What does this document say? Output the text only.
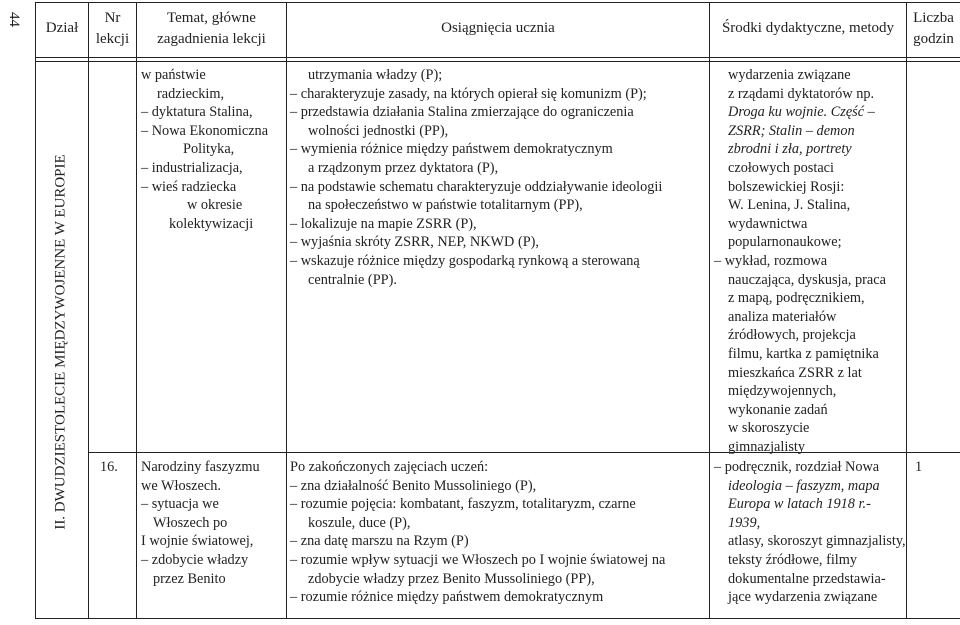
44
Dział
Nr
lekcji
Temat, główne
zagadnienia lekcji
Osiągnięcia ucznia	Środki dydaktyczne, metody
Liczba
godzin
II. DWUDZIESTOLECIE MIĘDZYWOJENNE W EUROPIE
w państwie
radzieckim,
– dyktatura Stalina,
– Nowa Ekonomiczna
Polityka,
– industrializacja,
– wieś radziecka
w okresie
kolektywizacji
utrzymania władzy (P);
– charakteryzuje zasady, na których opierał się komunizm (P);
– przedstawia działania Stalina zmierzające do ograniczenia
wolności jednostki (PP),
– wymienia różnice między państwem demokratycznym
a rządzonym przez dyktatora (P),
– na podstawie schematu charakteryzuje oddziaływanie ideologii
na społeczeństwo w państwie totalitarnym (PP),
– lokalizuje na mapie ZSRR (P),
– wyjaśnia skróty ZSRR, NEP, NKWD (P),
– wskazuje różnice między gospodarką rynkową a sterowaną
centralnie (PP).
wydarzenia związane
z rządami dyktatorów np.
Droga ku wojnie. Część –
ZSRR; Stalin – demon
zbrodni i zła, portrety
czołowych postaci
bolszewickiej Rosji:
W. Lenina, J. Stalina,
wydawnictwa
popularnonaukowe;
– wykład, rozmowa
nauczająca, dyskusja, praca
z mapą, podręcznikiem,
analiza materiałów
źródłowych, projekcja
filmu, kartka z pamiętnika
mieszkańca ZSRR z lat
międzywojennych,
wykonanie zadań
w skoroszycie
gimnazjalisty
16.	Narodziny faszyzmu
we Włoszech.
– sytuacja we
Włoszech po
I wojnie światowej,
– zdobycie władzy
przez Benito
Po zakończonych zajęciach uczeń:
– zna działalność Benito Mussoliniego (P),
– rozumie pojęcia: kombatant, faszyzm, totalitaryzm, czarne
koszule, duce (P),
– zna datę marszu na Rzym (P)
– rozumie wpływ sytuacji we Włoszech po I wojnie światowej na
zdobycie władzy przez Benito Mussoliniego (PP),
– rozumie różnice między państwem demokratycznym
– podręcznik, rozdział Nowa
ideologia – faszyzm, mapa
Europa w latach 1918 r.-
1939,
atlasy, skoroszyt gimnazjalisty,
teksty źródłowe, filmy
dokumentalne przedstawia-
jące wydarzenia związane
1
